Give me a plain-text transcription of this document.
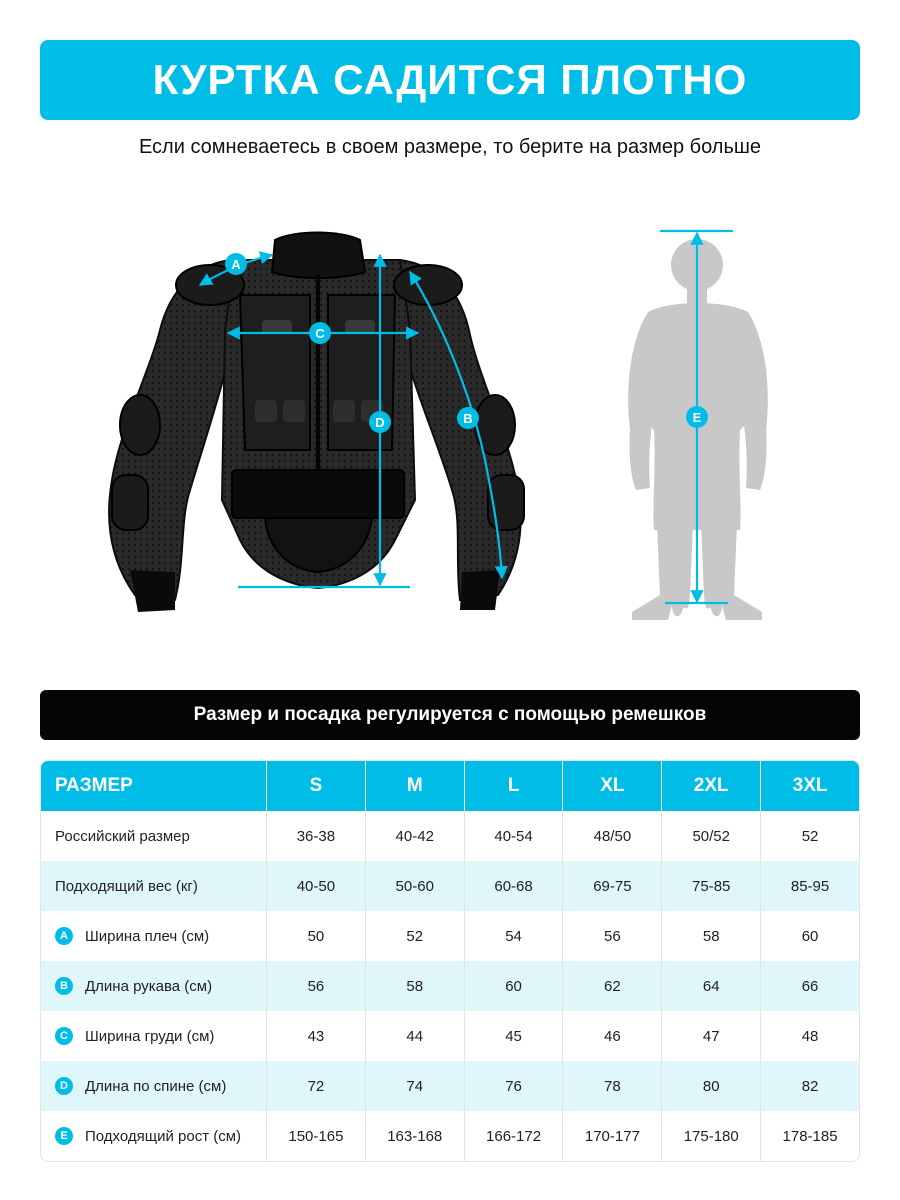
КУРТКА САДИТСЯ ПЛОТНО
Если сомневаетесь в своем размере, то берите на размер больше
A
B
C
D	E
Размер и посадка регулируется с помощью ремешков
РАЗМЕР	S	M	L	XL	2XL	3XL

Российский размер	36-38	40-42	40-54	48/50	50/52	52

Подходящий вес (кг)	40-50	50-60	60-68	69-75	75-85	85-95

A Ширина плеч (см)	50	52	54	56	58	60

B Длина рукава (см)	56	58	60	62	64	66

C Ширина груди (см)	43	44	45	46	47	48

D Длина по спине (см)	72	74	76	78	80	82

E Подходящий рост (см)	150-165	163-168	166-172	170-177	175-180	178-185
